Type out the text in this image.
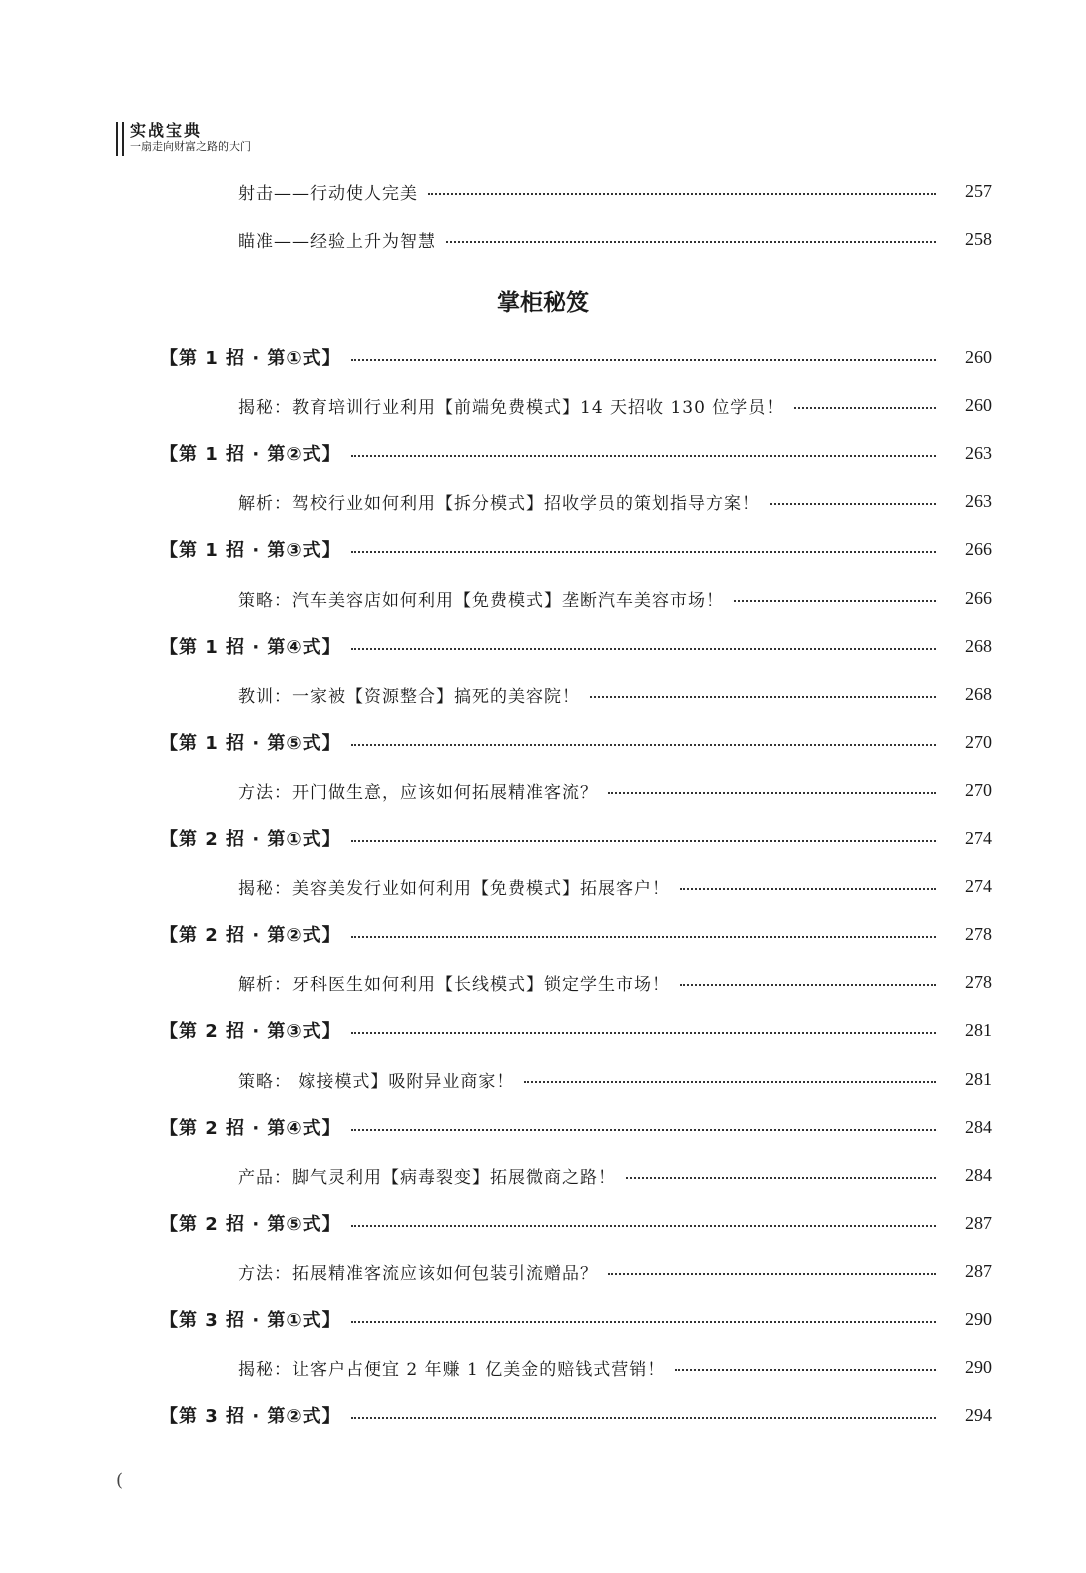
实战宝典
一扇走向财富之路的大门
掌柜秘笈
射击——行动使人完美	257
瞄准——经验上升为智慧	258
【第 1 招 · 第①式】	260
揭秘：教育培训行业利用【前端免费模式】14 天招收 130 位学员！	260
【第 1 招 · 第②式】	263
解析：驾校行业如何利用【拆分模式】招收学员的策划指导方案！	263
【第 1 招 · 第③式】	266
策略：汽车美容店如何利用【免费模式】垄断汽车美容市场！	266
【第 1 招 · 第④式】	268
教训：一家被【资源整合】搞死的美容院！	268
【第 1 招 · 第⑤式】	270
方法：开门做生意，应该如何拓展精准客流？	270
【第 2 招 · 第①式】	274
揭秘：美容美发行业如何利用【免费模式】拓展客户！	274
【第 2 招 · 第②式】	278
解析：牙科医生如何利用【长线模式】锁定学生市场！	278
【第 2 招 · 第③式】	281
策略： 嫁接模式】吸附异业商家！	281
【第 2 招 · 第④式】	284
产品：脚气灵利用【病毒裂变】拓展微商之路！	284
【第 2 招 · 第⑤式】	287
方法：拓展精准客流应该如何包装引流赠品？	287
【第 3 招 · 第①式】	290
揭秘：让客户占便宜 2 年赚 1 亿美金的赔钱式营销！	290
【第 3 招 · 第②式】	294
(
